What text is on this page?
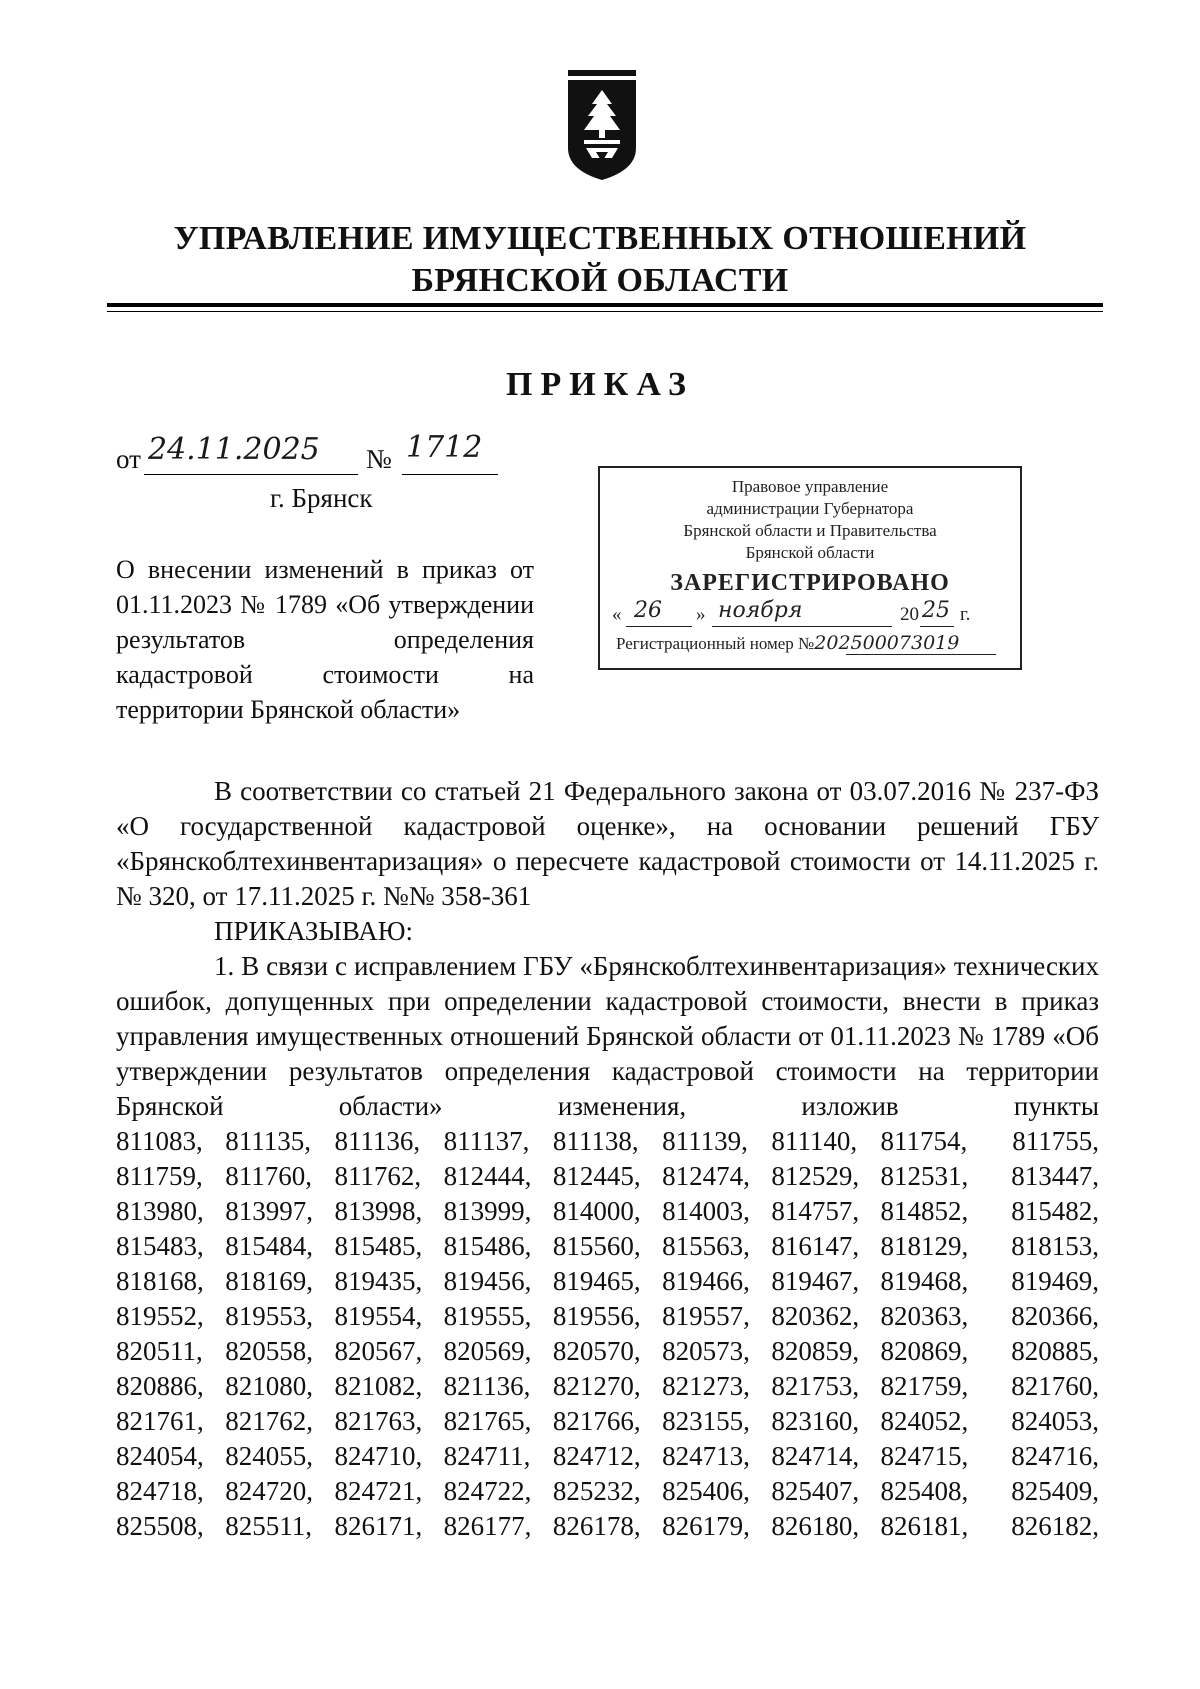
УПРАВЛЕНИЕ ИМУЩЕСТВЕННЫХ ОТНОШЕНИЙ
БРЯНСКОЙ ОБЛАСТИ
ПРИКАЗ
от 24.11.2025 № 1712
г. Брянск
О внесении изменений в приказ от 01.11.2023 № 1789 «Об утверждении результатов определения кадастровой стоимости на территории Брянской области»
Правовое управление
администрации Губернатора
Брянской области и Правительства
Брянской области
ЗАРЕГИСТРИРОВАНО
« 26 » ноября	20 25 г.
Регистрационный номер №202500073019

В соответствии со статьей 21 Федерального закона от 03.07.2016 № 237-ФЗ «О государственной кадастровой оценке», на основании решений ГБУ «Брянскоблтехинвентаризация» о пересчете кадастровой стоимости от 14.11.2025 г. № 320, от 17.11.2025 г. №№ 358-361

ПРИКАЗЫВАЮ:

1. В связи с исправлением ГБУ «Брянскоблтехинвентаризация» технических ошибок, допущенных при определении кадастровой стоимости, внести в приказ управления имущественных отношений Брянской области от 01.11.2023 № 1789 «Об утверждении результатов определения кадастровой стоимости на территории Брянской области» изменения, изложив пункты

811083, 811135, 811136, 811137, 811138, 811139, 811140, 811754,	811755,
811759, 811760, 811762, 812444, 812445, 812474, 812529, 812531,	813447,
813980, 813997, 813998, 813999, 814000, 814003, 814757, 814852,	815482,
815483, 815484, 815485, 815486, 815560, 815563, 816147, 818129,	818153,
818168, 818169, 819435, 819456, 819465, 819466, 819467, 819468,	819469,
819552, 819553, 819554, 819555, 819556, 819557, 820362, 820363,	820366,
820511, 820558, 820567, 820569, 820570, 820573, 820859, 820869,	820885,
820886, 821080, 821082, 821136, 821270, 821273, 821753, 821759,	821760,
821761, 821762, 821763, 821765, 821766, 823155, 823160, 824052,	824053,
824054, 824055, 824710, 824711, 824712, 824713, 824714, 824715,	824716,
824718, 824720, 824721, 824722, 825232, 825406, 825407, 825408,	825409,
825508, 825511, 826171, 826177, 826178, 826179, 826180, 826181,	826182,
